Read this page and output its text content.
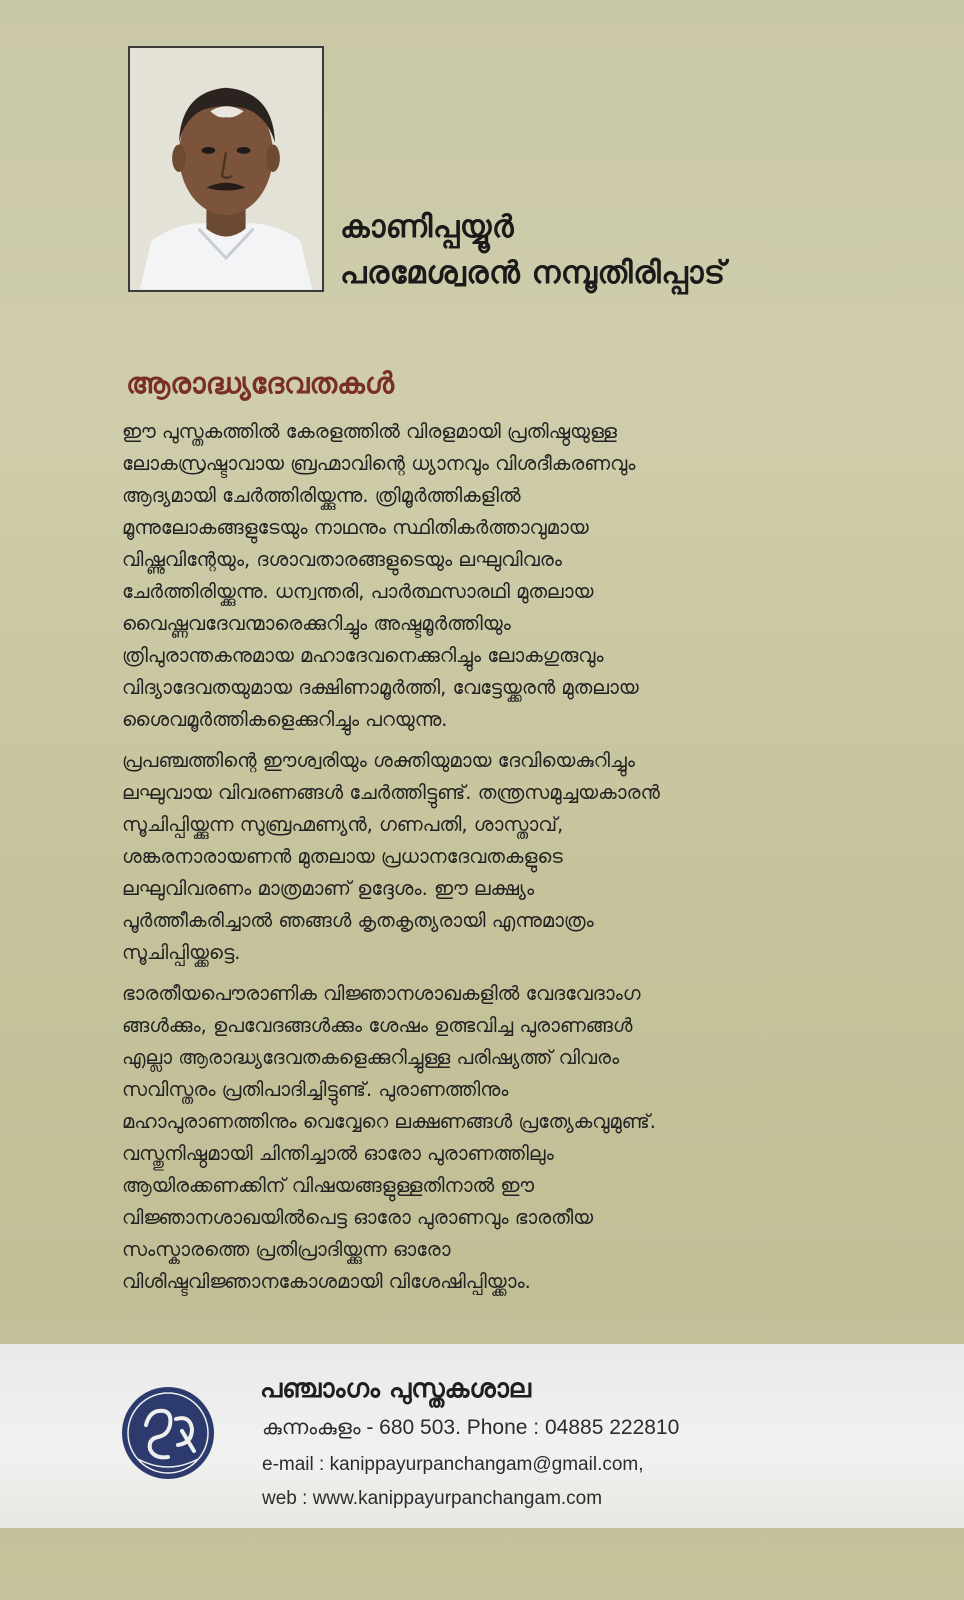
കാണിപ്പയ്യൂർ
പരമേശ്വരൻ നമ്പൂതിരിപ്പാട്
ആരാദ്ധ്യദേവതകൾ

ഈ പുസ്തകത്തിൽ കേരളത്തിൽ വിരളമായി പ്രതിഷ്ഠയുള്ള
ലോകസ്രഷ്ടാവായ ബ്രഹ്മാവിന്റെ ധ്യാനവും വിശദീകരണവും
ആദ്യമായി ചേർത്തിരിയ്ക്കുന്നു. ത്രിമൂർത്തികളിൽ
മൂന്നുലോകങ്ങളുടേയും നാഥനും സ്ഥിതികർത്താവുമായ
വിഷ്ണുവിന്റേയും, ദശാവതാരങ്ങളുടെയും ലഘുവിവരം
ചേർത്തിരിയ്ക്കുന്നു. ധന്വന്തരി, പാർത്ഥസാരഥി മുതലായ
വൈഷ്ണവദേവന്മാരെക്കുറിച്ചും അഷ്ടമൂർത്തിയും
ത്രിപുരാന്തകനുമായ മഹാദേവനെക്കുറിച്ചും ലോകഗുരുവും
വിദ്യാദേവതയുമായ ദക്ഷിണാമൂർത്തി, വേട്ടേയ്ക്കരൻ മുതലായ
ശൈവമൂർത്തികളെക്കുറിച്ചും പറയുന്നു.

പ്രപഞ്ചത്തിന്റെ ഈശ്വരിയും ശക്തിയുമായ ദേവിയെകുറിച്ചും
ലഘുവായ വിവരണങ്ങൾ ചേർത്തിട്ടുണ്ട്. തന്ത്രസമുച്ചയകാരൻ
സൂചിപ്പിയ്ക്കുന്ന സുബ്രഹ്മണ്യൻ, ഗണപതി, ശാസ്താവ്,
ശങ്കരനാരായണൻ മുതലായ പ്രധാനദേവതകളുടെ
ലഘുവിവരണം മാത്രമാണ് ഉദ്ദേശം. ഈ ലക്ഷ്യം
പൂർത്തീകരിച്ചാൽ ഞങ്ങൾ കൃതകൃത്യരായി എന്നുമാത്രം
സൂചിപ്പിയ്ക്കട്ടെ.

ഭാരതീയപൌരാണിക വിജ്ഞാനശാഖകളിൽ വേദവേദാംഗ
ങ്ങൾക്കും, ഉപവേദങ്ങൾക്കും ശേഷം ഉത്ഭവിച്ച പുരാണങ്ങൾ
എല്ലാ ആരാദ്ധ്യദേവതകളെക്കുറിച്ചുള്ള പരിഷ്യത്ത് വിവരം
സവിസ്തരം പ്രതിപാദിച്ചിട്ടുണ്ട്. പുരാണത്തിനും
മഹാപുരാണത്തിനും വെവ്വേറെ ലക്ഷണങ്ങൾ പ്രത്യേകവുമുണ്ട്.
വസ്തുനിഷ്ഠമായി ചിന്തിച്ചാൽ ഓരോ പുരാണത്തിലും
ആയിരക്കണക്കിന് വിഷയങ്ങളുള്ളതിനാൽ ഈ
വിജ്ഞാനശാഖയിൽപെട്ട ഓരോ പുരാണവും ഭാരതീയ
സംസ്കാരത്തെ പ്രതിപ്രാദിയ്ക്കുന്ന ഓരോ
വിശിഷ്ടവിജ്ഞാനകോശമായി വിശേഷിപ്പിയ്ക്കാം.

പഞ്ചാംഗം പുസ്തകശാല
കുന്നംകുളം - 680 503. Phone : 04885 222810
e-mail : kanippayurpanchangam@gmail.com,
web : www.kanippayurpanchangam.com
